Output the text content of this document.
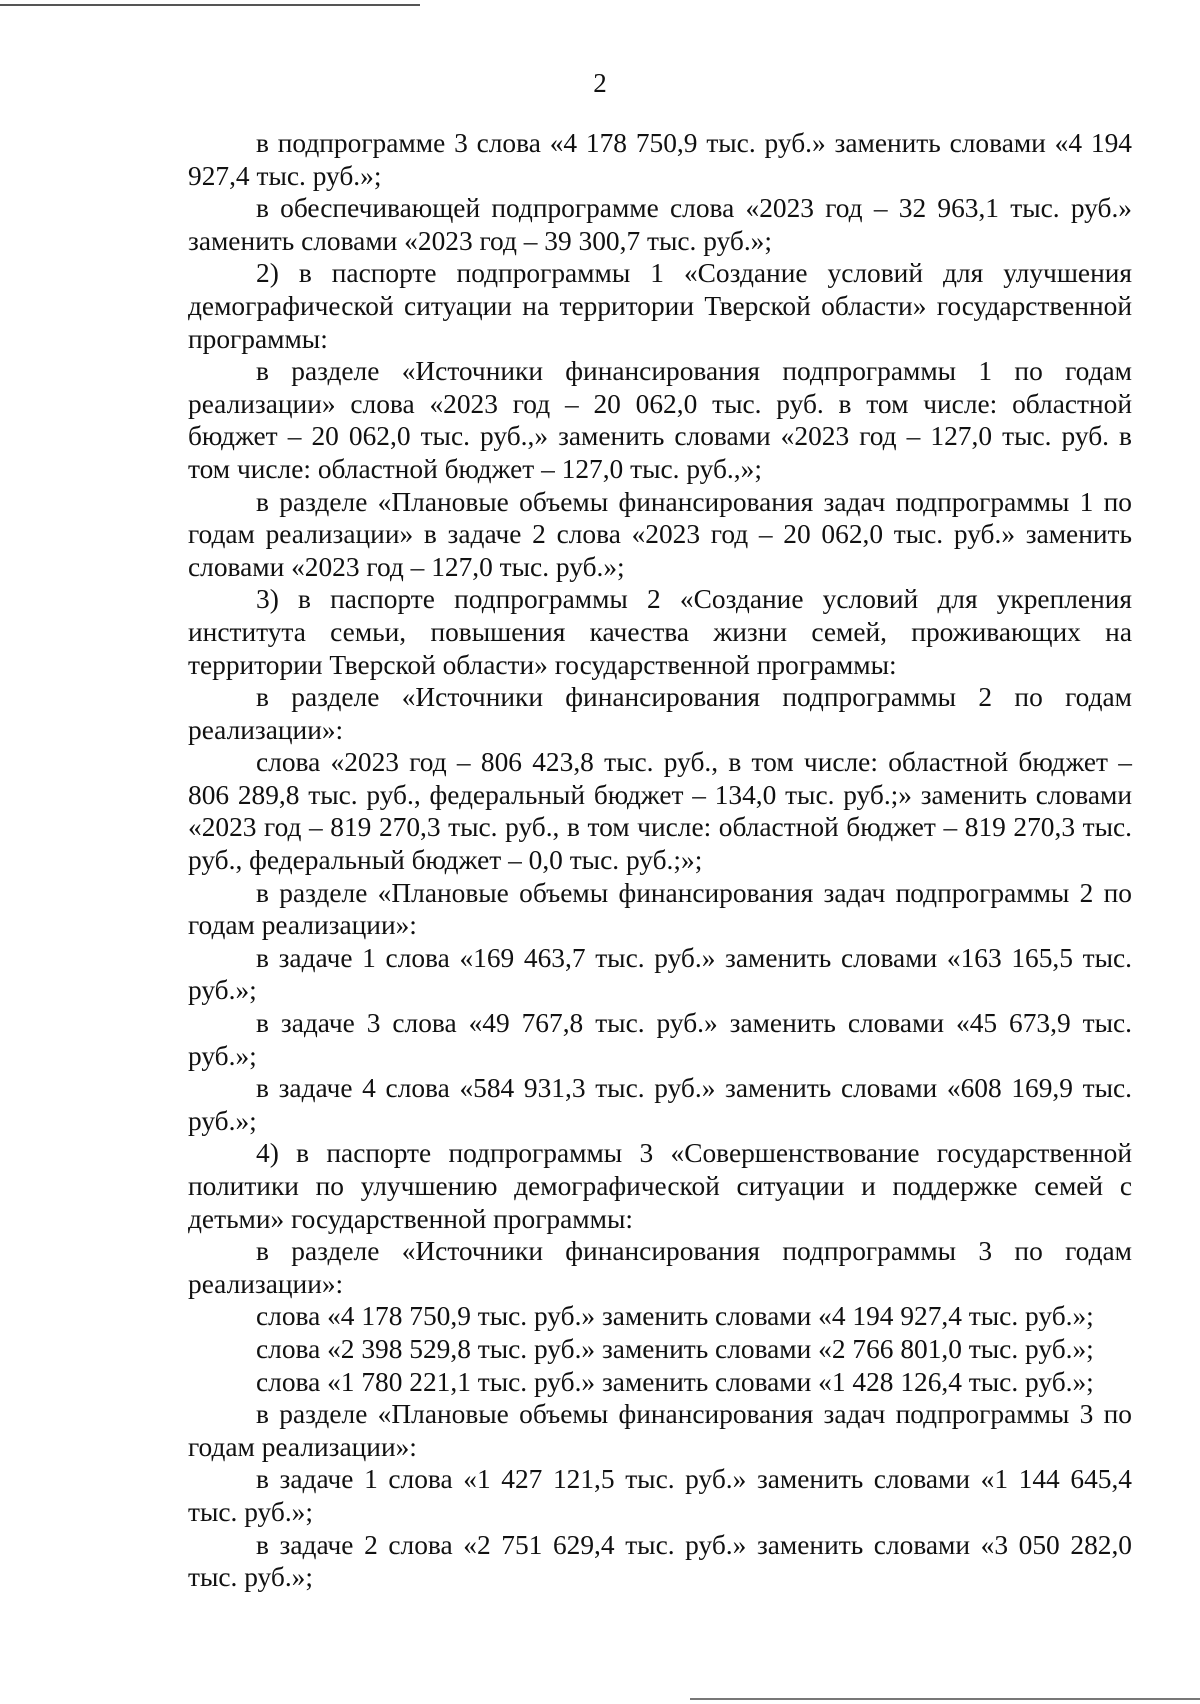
2

в подпрограмме 3 слова «4 178 750,9 тыс. руб.» заменить словами «4 194 927,4 тыс. руб.»;

в обеспечивающей подпрограмме слова «2023 год – 32 963,1 тыс. руб.» заменить словами «2023 год – 39 300,7 тыс. руб.»;

2) в паспорте подпрограммы 1 «Создание условий для улучшения демографической ситуации на территории Тверской области» государственной программы:

в разделе «Источники финансирования подпрограммы 1 по годам реализации» слова «2023 год – 20 062,0 тыс. руб. в том числе: областной бюджет – 20 062,0 тыс. руб.,» заменить словами «2023 год – 127,0 тыс. руб. в том числе: областной бюджет – 127,0 тыс. руб.,»;

в разделе «Плановые объемы финансирования задач подпрограммы 1 по годам реализации» в задаче 2 слова «2023 год – 20 062,0 тыс. руб.» заменить словами «2023 год – 127,0 тыс. руб.»;

3) в паспорте подпрограммы 2 «Создание условий для укрепления института семьи, повышения качества жизни семей, проживающих на территории Тверской области» государственной программы:

в разделе «Источники финансирования подпрограммы 2 по годам реализации»:

слова «2023 год – 806 423,8 тыс. руб., в том числе: областной бюджет – 806 289,8 тыс. руб., федеральный бюджет – 134,0 тыс. руб.;» заменить словами «2023 год – 819 270,3 тыс. руб., в том числе: областной бюджет – 819 270,3 тыс. руб., федеральный бюджет – 0,0 тыс. руб.;»;

в разделе «Плановые объемы финансирования задач подпрограммы 2 по годам реализации»:

в задаче 1 слова «169 463,7 тыс. руб.» заменить словами «163 165,5 тыс. руб.»;

в задаче 3 слова «49 767,8 тыс. руб.» заменить словами «45 673,9 тыс. руб.»;

в задаче 4 слова «584 931,3 тыс. руб.» заменить словами «608 169,9 тыс. руб.»;

4) в паспорте подпрограммы 3 «Совершенствование государственной политики по улучшению демографической ситуации и поддержке семей с детьми» государственной программы:

в разделе «Источники финансирования подпрограммы 3 по годам реализации»:

слова «4 178 750,9 тыс. руб.» заменить словами «4 194 927,4 тыс. руб.»;

слова «2 398 529,8 тыс. руб.» заменить словами «2 766 801,0 тыс. руб.»;

слова «1 780 221,1 тыс. руб.» заменить словами «1 428 126,4 тыс. руб.»;

в разделе «Плановые объемы финансирования задач подпрограммы 3 по годам реализации»:

в задаче 1 слова «1 427 121,5 тыс. руб.» заменить словами «1 144 645,4 тыс. руб.»;

в задаче 2 слова «2 751 629,4 тыс. руб.» заменить словами «3 050 282,0 тыс. руб.»;
